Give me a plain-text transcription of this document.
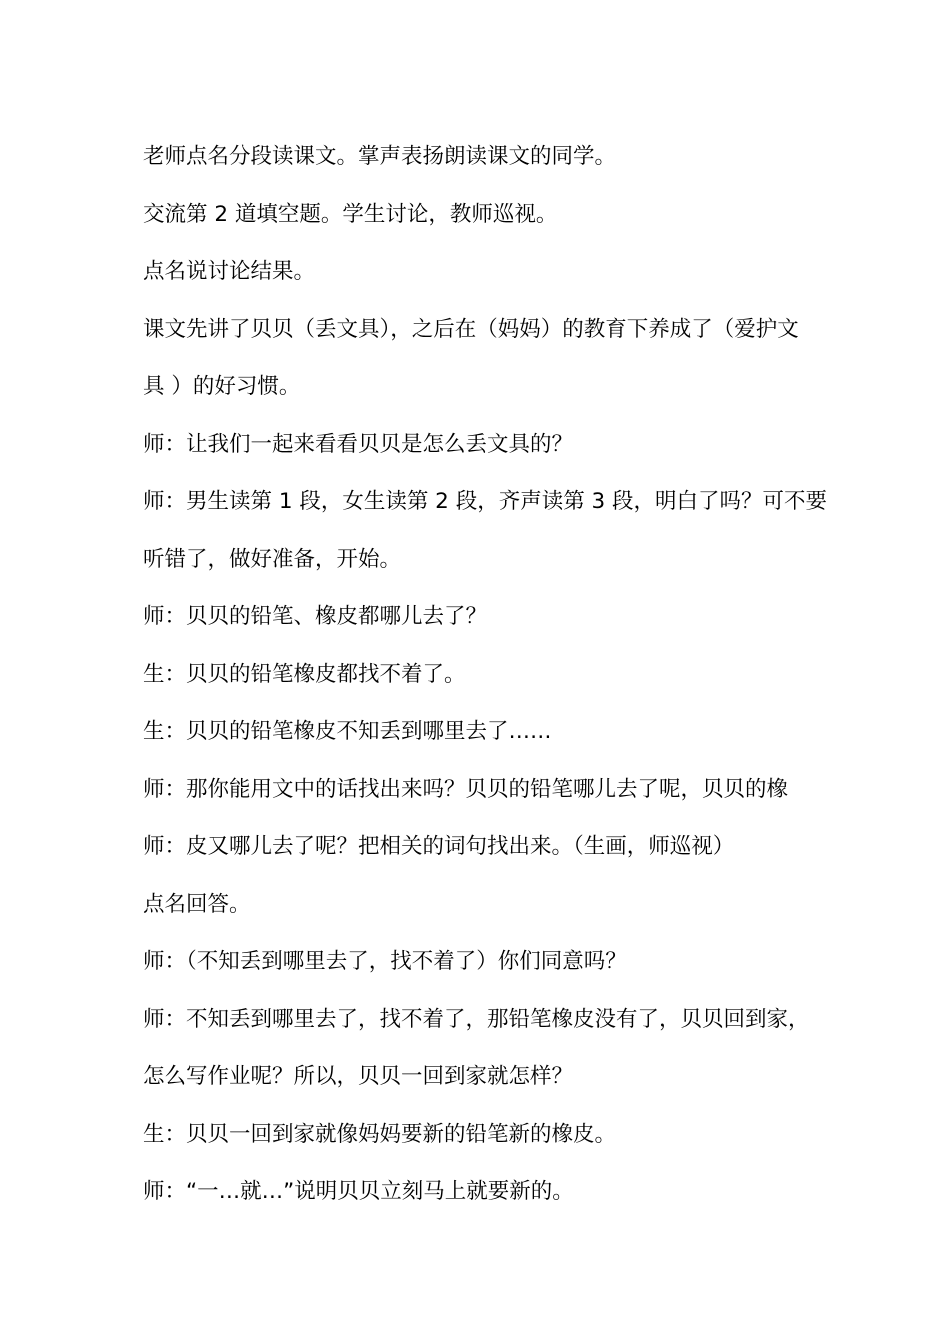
老师点名分段读课文。掌声表扬朗读课文的同学。
交流第 2 道填空题。学生讨论，教师巡视。
点名说讨论结果。
课文先讲了贝贝（丢文具），之后在（妈妈）的教育下养成了（爱护文
具 ）的好习惯。
师：让我们一起来看看贝贝是怎么丢文具的？
师：男生读第 1 段，女生读第 2 段，齐声读第 3 段，明白了吗？可不要
听错了，做好准备，开始。
师：贝贝的铅笔、橡皮都哪儿去了？
生：贝贝的铅笔橡皮都找不着了。
生：贝贝的铅笔橡皮不知丢到哪里去了……
师：那你能用文中的话找出来吗？贝贝的铅笔哪儿去了呢，贝贝的橡
师：皮又哪儿去了呢？把相关的词句找出来。（生画，师巡视）
点名回答。
师：（不知丢到哪里去了，找不着了）你们同意吗？
师：不知丢到哪里去了，找不着了，那铅笔橡皮没有了，贝贝回到家，
怎么写作业呢？所以，贝贝一回到家就怎样？
生：贝贝一回到家就像妈妈要新的铅笔新的橡皮。
师：“一…就…”说明贝贝立刻马上就要新的。
